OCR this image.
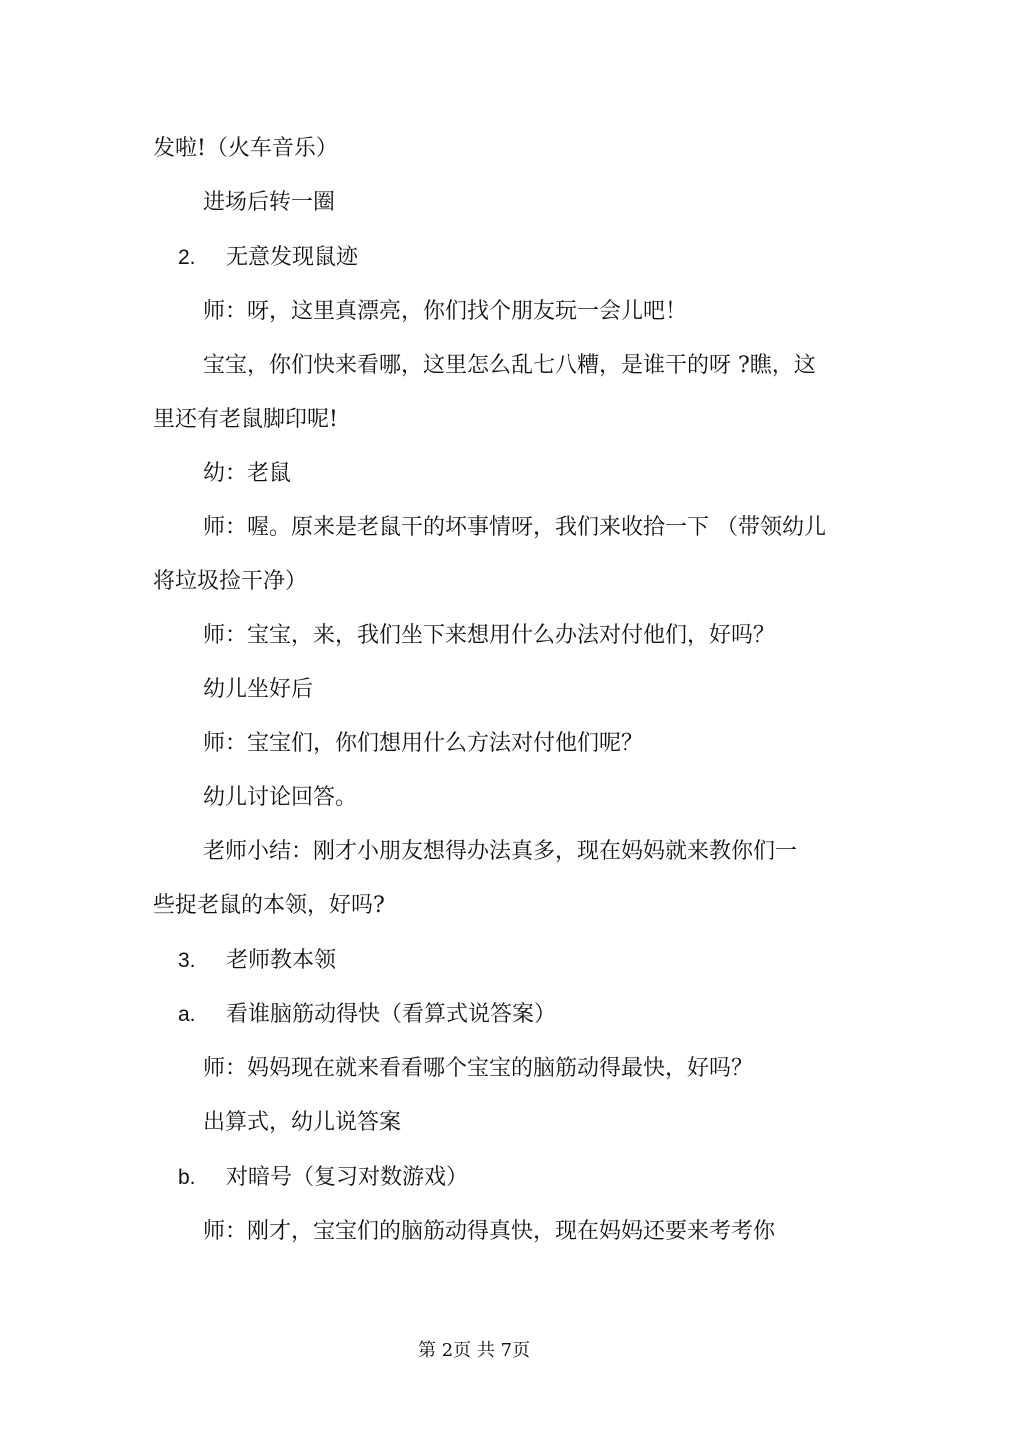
发啦!（火车音乐）
进场后转一圈
2. 无意发现鼠迹
师：呀，这里真漂亮，你们找个朋友玩一会儿吧！
宝宝，你们快来看哪，这里怎么乱七八糟，是谁干的呀 ?瞧，这
里还有老鼠脚印呢!
幼：老鼠
师：喔。原来是老鼠干的坏事情呀，我们来收拾一下 （带领幼儿
将垃圾捡干净）
师：宝宝，来，我们坐下来想用什么办法对付他们，好吗？
幼儿坐好后
师：宝宝们，你们想用什么方法对付他们呢？
幼儿讨论回答。
老师小结：刚才小朋友想得办法真多，现在妈妈就来教你们一
些捉老鼠的本领，好吗?
3. 老师教本领
a. 看谁脑筋动得快（看算式说答案）
师：妈妈现在就来看看哪个宝宝的脑筋动得最快，好吗？
出算式，幼儿说答案
b. 对暗号（复习对数游戏）
师：刚才，宝宝们的脑筋动得真快，现在妈妈还要来考考你
第 2页 共 7页
